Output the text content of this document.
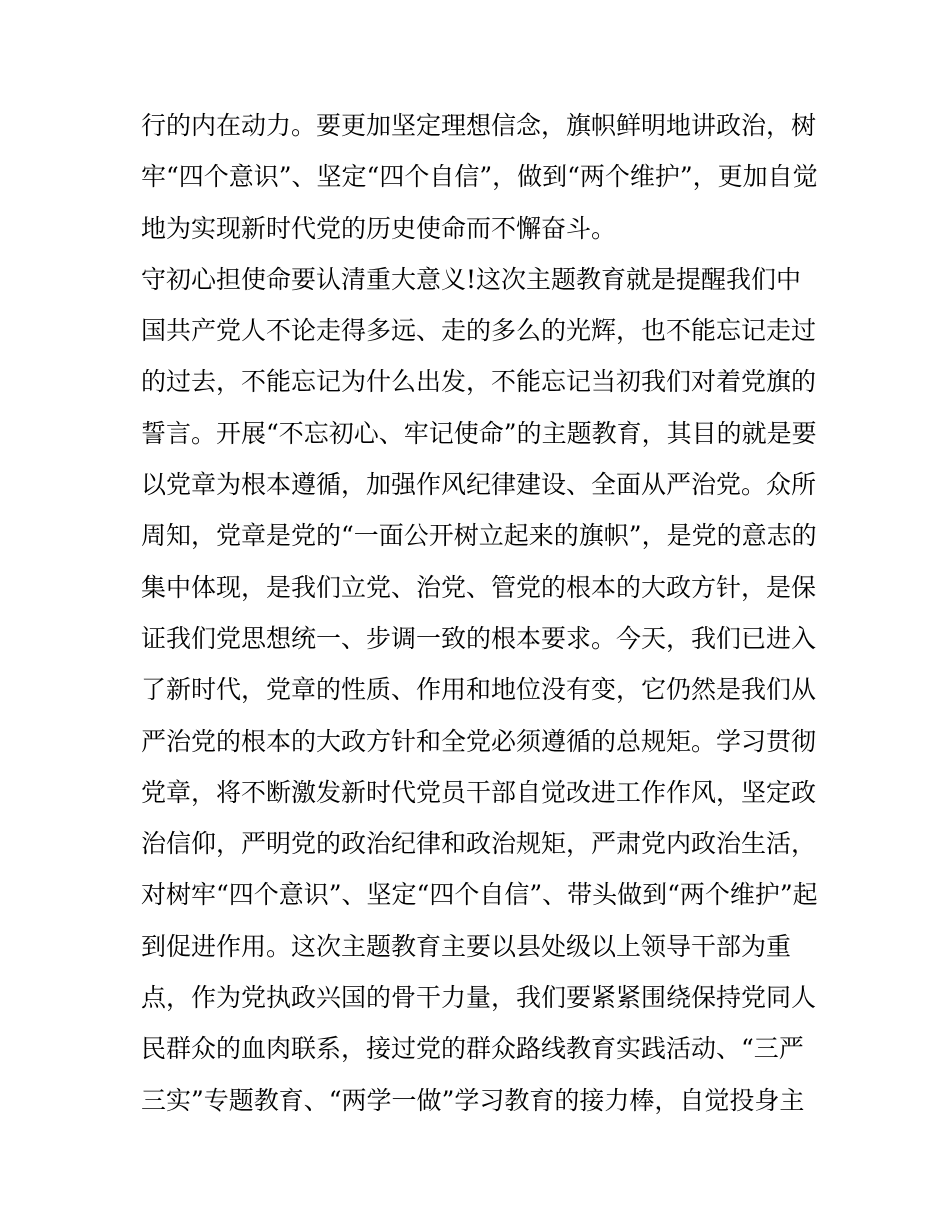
行的内在动力。要更加坚定理想信念，旗帜鲜明地讲政治，树
牢“四个意识”、坚定“四个自信”，做到“两个维护”，更加自觉
地为实现新时代党的历史使命而不懈奋斗。
守初心担使命要认清重大意义!这次主题教育就是提醒我们中
国共产党人不论走得多远、走的多么的光辉，也不能忘记走过
的过去，不能忘记为什么出发，不能忘记当初我们对着党旗的
誓言。开展“不忘初心、牢记使命”的主题教育，其目的就是要
以党章为根本遵循，加强作风纪律建设、全面从严治党。众所
周知，党章是党的“一面公开树立起来的旗帜”，是党的意志的
集中体现，是我们立党、治党、管党的根本的大政方针，是保
证我们党思想统一、步调一致的根本要求。今天，我们已进入
了新时代，党章的性质、作用和地位没有变，它仍然是我们从
严治党的根本的大政方针和全党必须遵循的总规矩。学习贯彻
党章，将不断激发新时代党员干部自觉改进工作作风，坚定政
治信仰，严明党的政治纪律和政治规矩，严肃党内政治生活，
对树牢“四个意识”、坚定“四个自信”、带头做到“两个维护”起
到促进作用。这次主题教育主要以县处级以上领导干部为重
点，作为党执政兴国的骨干力量，我们要紧紧围绕保持党同人
民群众的血肉联系，接过党的群众路线教育实践活动、“三严
三实”专题教育、“两学一做”学习教育的接力棒，自觉投身主
